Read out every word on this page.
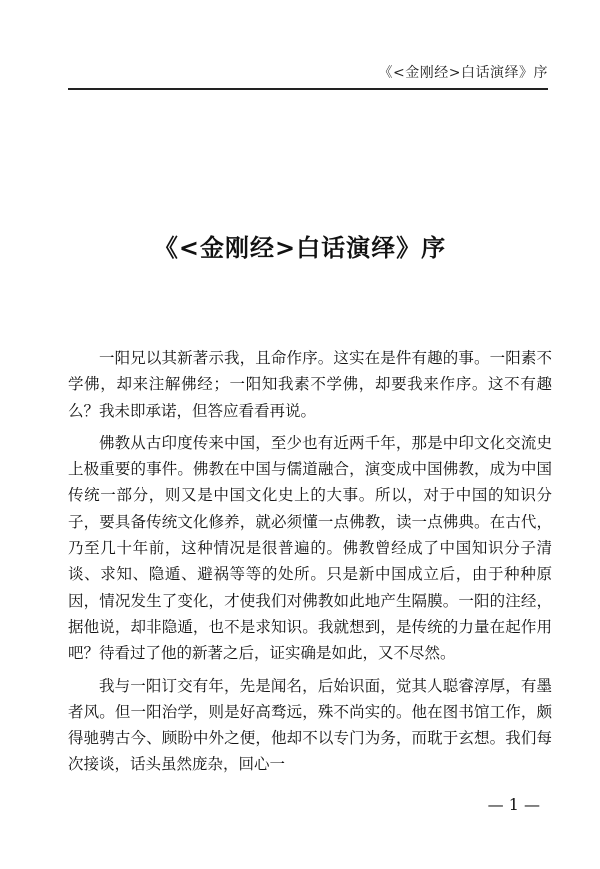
《<金刚经>白话演绎》序
《<金刚经>白话演绎》序

一阳兄以其新著示我，且命作序。这实在是件有趣的事。一阳素不学佛，却来注解佛经；一阳知我素不学佛，却要我来作序。这不有趣么？我未即承诺，但答应看看再说。

佛教从古印度传来中国，至少也有近两千年，那是中印文化交流史上极重要的事件。佛教在中国与儒道融合，演变成中国佛教，成为中国传统一部分，则又是中国文化史上的大事。所以，对于中国的知识分子，要具备传统文化修养，就必须懂一点佛教，读一点佛典。在古代，乃至几十年前，这种情况是很普遍的。佛教曾经成了中国知识分子清谈、求知、隐遁、避祸等等的处所。只是新中国成立后，由于种种原因，情况发生了变化，才使我们对佛教如此地产生隔膜。一阳的注经，据他说，却非隐遁，也不是求知识。我就想到，是传统的力量在起作用吧？待看过了他的新著之后，证实确是如此，又不尽然。

我与一阳订交有年，先是闻名，后始识面，觉其人聪睿淳厚，有墨者风。但一阳治学，则是好高骛远，殊不尚实的。他在图书馆工作，颇得驰骋古今、顾盼中外之便，他却不以专门为务，而耽于玄想。我们每次接谈，话头虽然庞杂，回心一

— 1 —
